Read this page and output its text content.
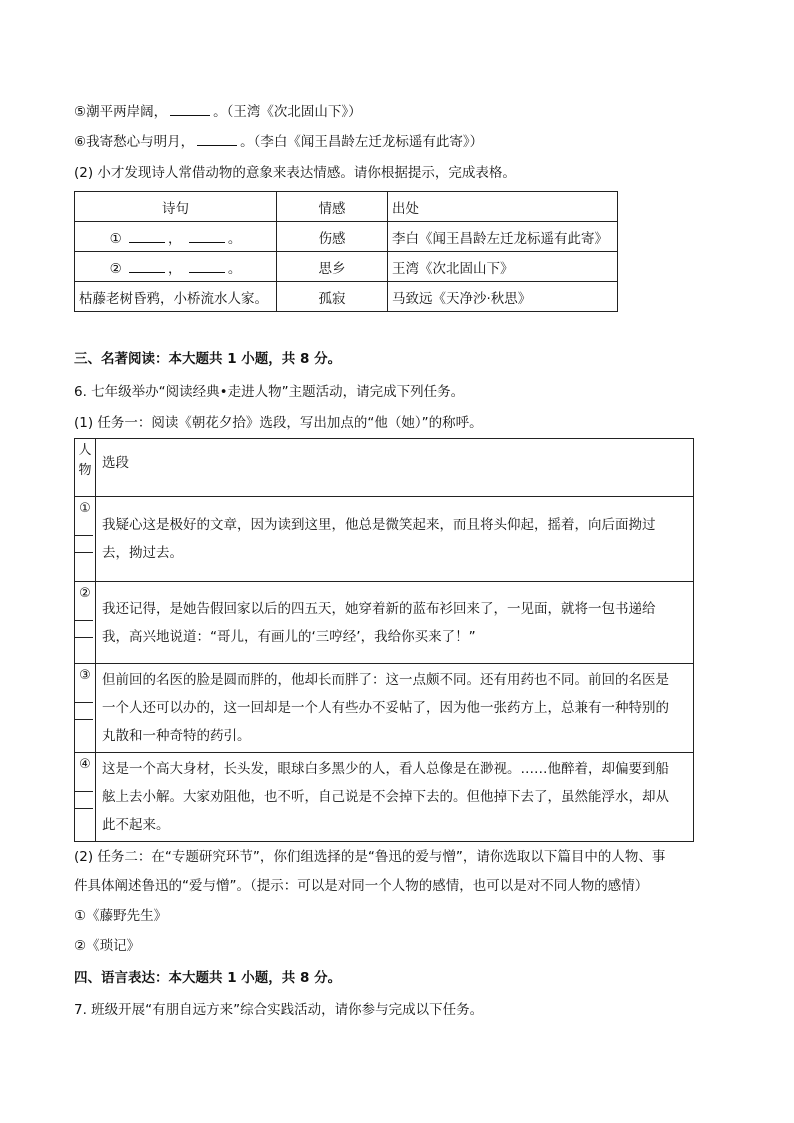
⑤潮平两岸阔，	。（王湾《次北固山下》）
⑥我寄愁心与明月，	。（李白《闻王昌龄左迁龙标遥有此寄》）
(2) 小才发现诗人常借动物的意象来表达情感。请你根据提示，完成表格。
诗句	情感	出处
① ， 。	伤感	李白《闻王昌龄左迁龙标遥有此寄》
② ， 。	思乡	王湾《次北固山下》
枯藤老树昏鸦，小桥流水人家。	孤寂	马致远《天净沙·秋思》
三、名著阅读：本大题共 1 小题，共 8 分。
6. 七年级举办“阅读经典•走进人物”主题活动，请完成下列任务。
(1) 任务一：阅读《朝花夕拾》选段，写出加点的“他（她）”的称呼。
人
物	选段

①	我疑心这是极好的文章，因为读到这里，他总是微笑起来，而且将头仰起，摇着，向后面拗过
去，拗过去。

②	我还记得，是她告假回家以后的四五天，她穿着新的蓝布衫回来了，一见面，就将一包书递给
我，高兴地说道：“哥儿，有画儿的‘三哼经’，我给你买来了！”

③	但前回的名医的脸是圆而胖的，他却长而胖了：这一点颇不同。还有用药也不同。前回的名医是
一个人还可以办的，这一回却是一个人有些办不妥帖了，因为他一张药方上，总兼有一种特别的
丸散和一种奇特的药引。

④	这是一个高大身材，长头发，眼球白多黑少的人，看人总像是在渺视。……他醉着，却偏要到船
舷上去小解。大家劝阻他，也不听，自己说是不会掉下去的。但他掉下去了，虽然能浮水，却从
此不起来。
(2) 任务二：在“专题研究环节”，你们组选择的是“鲁迅的爱与憎”，请你选取以下篇目中的人物、事
件具体阐述鲁迅的“爱与憎”。（提示：可以是对同一个人物的感情，也可以是对不同人物的感情）
①《藤野先生》
②《琐记》
四、语言表达：本大题共 1 小题，共 8 分。
7. 班级开展“有朋自远方来”综合实践活动，请你参与完成以下任务。
